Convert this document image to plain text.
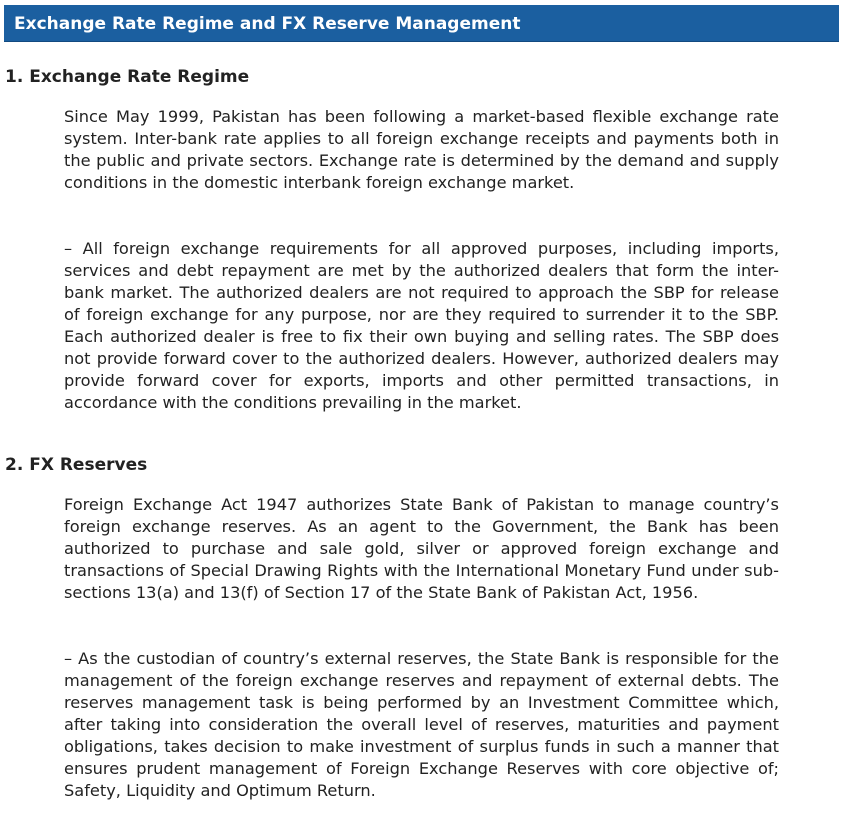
Exchange Rate Regime and FX Reserve Management
1. Exchange Rate Regime
Since May 1999, Pakistan has been following a market-based flexible exchange rate system. Inter-bank rate applies to all foreign exchange receipts and payments both in the public and private sectors. Exchange rate is determined by the demand and supply conditions in the domestic interbank foreign exchange market.
– All foreign exchange requirements for all approved purposes, including imports, services and debt repayment are met by the authorized dealers that form the inter-bank market. The authorized dealers are not required to approach the SBP for release of foreign exchange for any purpose, nor are they required to surrender it to the SBP. Each authorized dealer is free to fix their own buying and selling rates. The SBP does not provide forward cover to the authorized dealers. However, authorized dealers may provide forward cover for exports, imports and other permitted transactions, in accordance with the conditions prevailing in the market.
2. FX Reserves
Foreign Exchange Act 1947 authorizes State Bank of Pakistan to manage country’s foreign exchange reserves. As an agent to the Government, the Bank has been authorized to purchase and sale gold, silver or approved foreign exchange and transactions of Special Drawing Rights with the International Monetary Fund under sub-sections 13(a) and 13(f) of Section 17 of the State Bank of Pakistan Act, 1956.
– As the custodian of country’s external reserves, the State Bank is responsible for the management of the foreign exchange reserves and repayment of external debts. The reserves management task is being performed by an Investment Committee which, after taking into consideration the overall level of reserves, maturities and payment obligations, takes decision to make investment of surplus funds in such a manner that ensures prudent management of Foreign Exchange Reserves with core objective of; Safety, Liquidity and Optimum Return.
